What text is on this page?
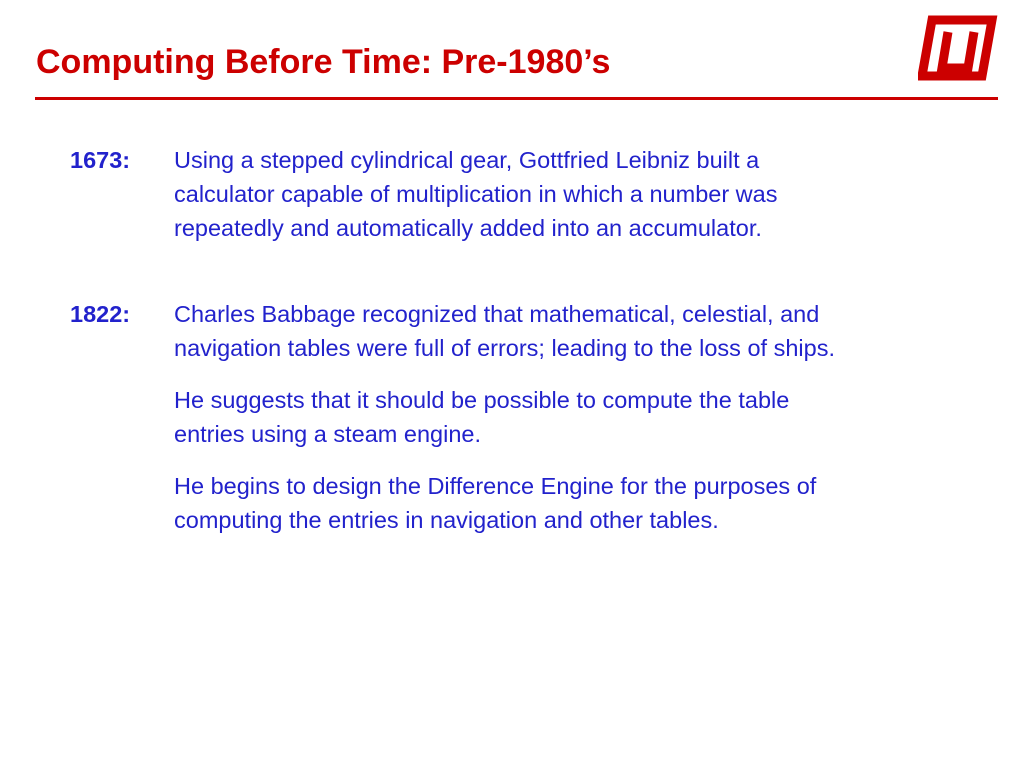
Computing Before Time: Pre-1980’s
1673:	Using a stepped cylindrical gear, Gottfried Leibniz built a
calculator capable of multiplication in which a number was
repeatedly and automatically added into an accumulator.

1822:	Charles Babbage recognized that mathematical, celestial, and
navigation tables were full of errors; leading to the loss of ships.

He suggests that it should be possible to compute the table
entries using a steam engine.

He begins to design the Difference Engine for the purposes of
computing the entries in navigation and other tables.
